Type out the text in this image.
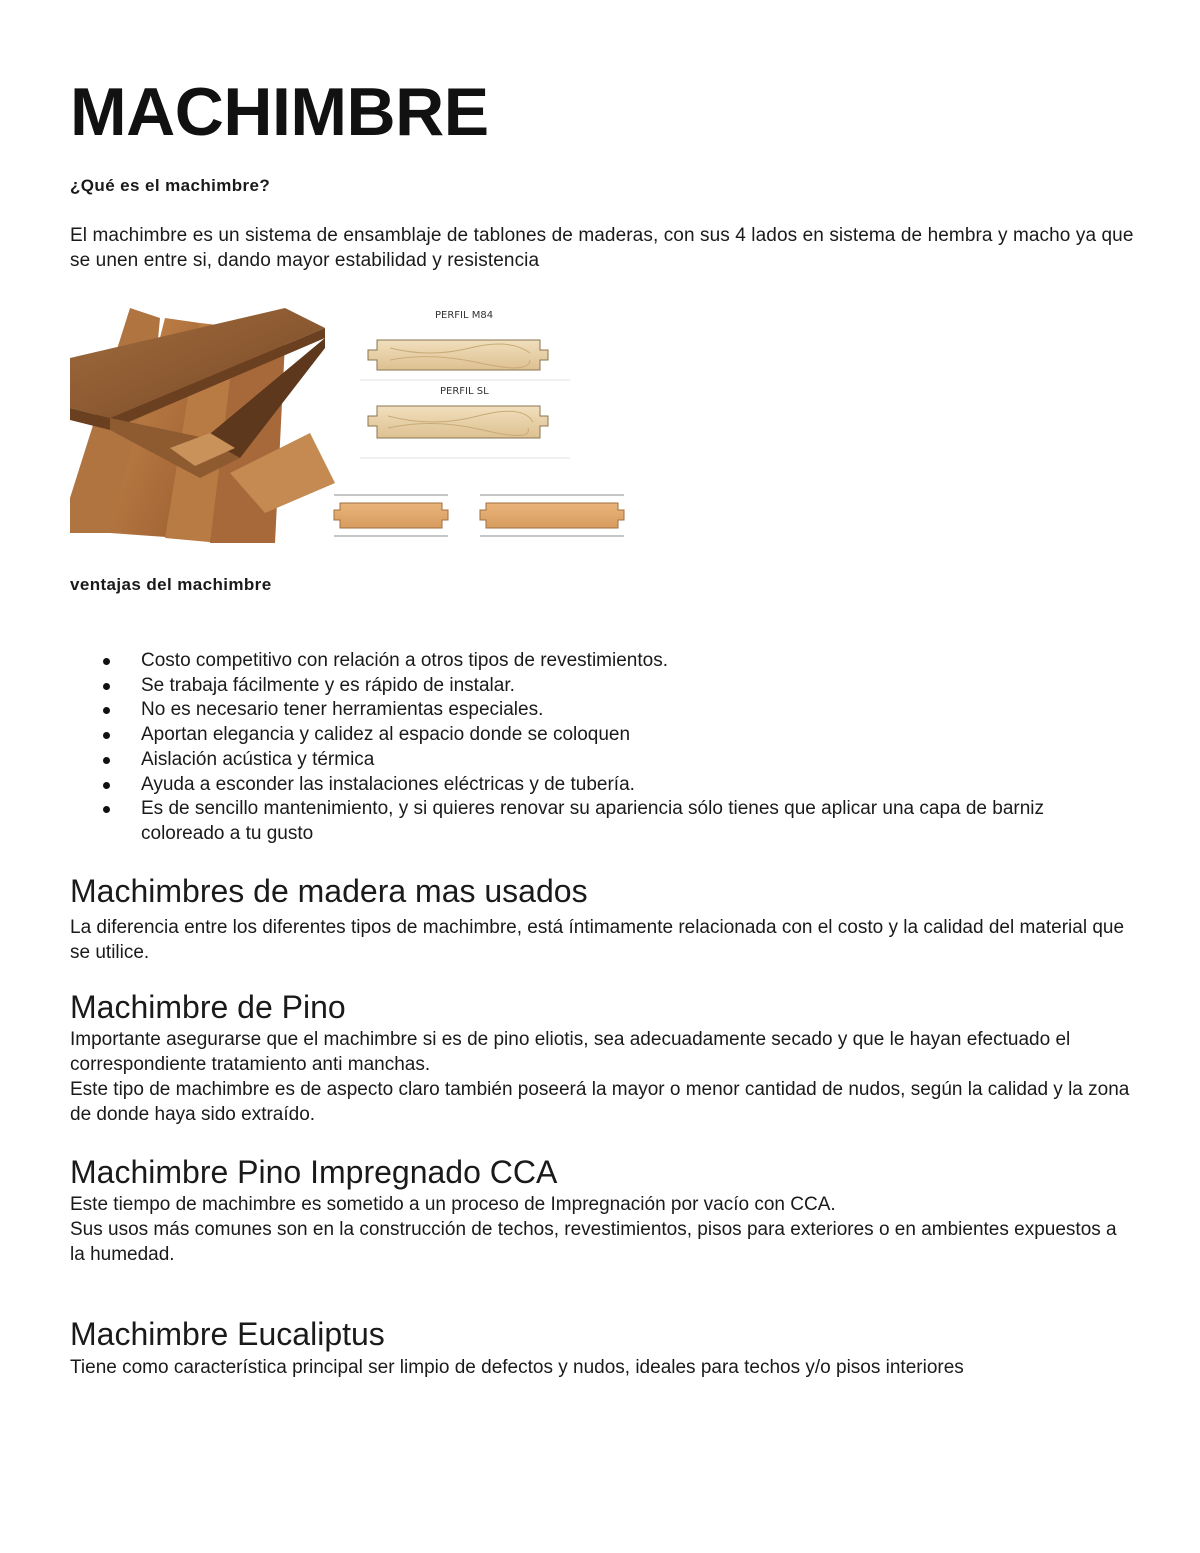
MACHIMBRE

¿Qué es el machimbre?

El machimbre es un sistema de ensamblaje de tablones de maderas, con sus 4 lados en sistema de hembra y macho ya que se unen entre si, dando mayor estabilidad y resistencia

PERFIL M84
PERFIL SL

ventajas del machimbre

Costo competitivo con relación a otros tipos de revestimientos.
Se trabaja fácilmente y es rápido de instalar.
No es necesario tener herramientas especiales.
Aportan elegancia y calidez al espacio donde se coloquen
Aislación acústica y térmica
Ayuda a esconder las instalaciones eléctricas y de tubería.
Es de sencillo mantenimiento, y si quieres renovar su apariencia sólo tienes que aplicar una capa de barniz coloreado a tu gusto
Machimbres de madera mas usados

La diferencia entre los diferentes tipos de machimbre, está íntimamente relacionada con el costo y la calidad del material que se utilice.

Machimbre de Pino

Importante asegurarse que el machimbre si es de pino eliotis, sea adecuadamente secado y que le hayan efectuado el correspondiente tratamiento anti manchas.

Este tipo de machimbre es de aspecto claro también poseerá la mayor o menor cantidad de nudos, según la calidad y la zona de donde haya sido extraído.

Machimbre Pino Impregnado CCA

Este tiempo de machimbre es sometido a un proceso de Impregnación por vacío con CCA.

Sus usos más comunes son en la construcción de techos, revestimientos, pisos para exteriores o en ambientes expuestos a la humedad.

Machimbre Eucaliptus

Tiene como característica principal ser limpio de defectos y nudos, ideales para techos y/o pisos interiores
